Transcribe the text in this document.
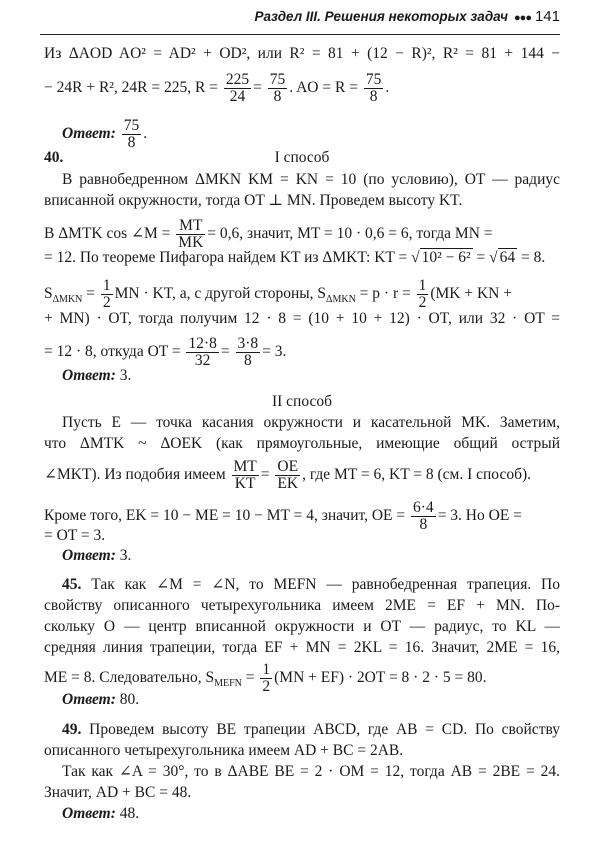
Раздел III. Решения некоторых задач ●●● 141
Из ΔAOD AO² = AD² + OD², или R² = 81 + (12 − R)², R² = 81 + 144 −
− 24R + R², 24R = 225, $R = \frac{225}{24} = \frac{75}{8}$ . AO = $R = \frac{75}{8}$ .
Ответ: $\frac{75}{8}$ .
40.	I способ
В равнобедренном ΔMKN KM = KN = 10 (по условию), OT — радиус
вписанной окружности, тогда OT ⊥ MN. Проведем высоту KT.
В ΔMTK cos ∠M = $\frac{MT}{MK} = 0,6$, значит, MT = 10 · 0,6 = 6, тогда MN =
= 12. По теореме Пифагора найдем KT из ΔMKT: KT = √ 10² − 6² = √ 64 = 8.
$S_{\Delta MKN} = \frac{1}{2}$ MN · KT, а, с другой стороны, $S_{\Delta MKN} = p \cdot r = \frac{1}{2} (MK$ + KN +
+ MN) · OT, тогда получим 12 · 8 = (10 + 10 + 12) · OT, или 32 · OT =
= 12 · 8, откуда OT = $\frac{12\cdot 8}{32} = \frac{3\cdot 8}{8} = 3$.
Ответ: 3.
II способ
Пусть E — точка касания окружности и касательной MK. Заметим,
что ΔMTK ~ ΔOEK (как прямоугольные, имеющие общий острый
∠MKT). Из подобия имеем $\frac{MT}{KT} = \frac{OE}{EK}$ , где MT = 6, KT = 8 (см. I способ).
Кроме того, EK = 10 − ME = 10 − MT = 4, значит, OE = $\frac{6\cdot 4}{8} = 3$. Но OE =
= OT = 3.
Ответ: 3.
45. Так как ∠M = ∠N, то MEFN — равнобедренная трапеция. По
свойству описанного четырехугольника имеем 2ME = EF + MN. По-
скольку O — центр вписанной окружности и OT — радиус, то KL —
средняя линия трапеции, тогда EF + MN = 2KL = 16. Значит, 2ME = 16,
ME = 8. Следовательно, $S_{MEFN} = \frac{1}{2} (MN + EF) \cdot 2OT = 8 \cdot 2 \cdot 5 = 80$.
Ответ: 80.
49. Проведем высоту BE трапеции ABCD, где AB = CD. По свойству
описанного четырехугольника имеем AD + BC = 2AB.
Так как ∠A = 30°, то в ΔABE BE = 2 · OM = 12, тогда AB = 2BE = 24.
Значит, AD + BC = 48.
Ответ: 48.
